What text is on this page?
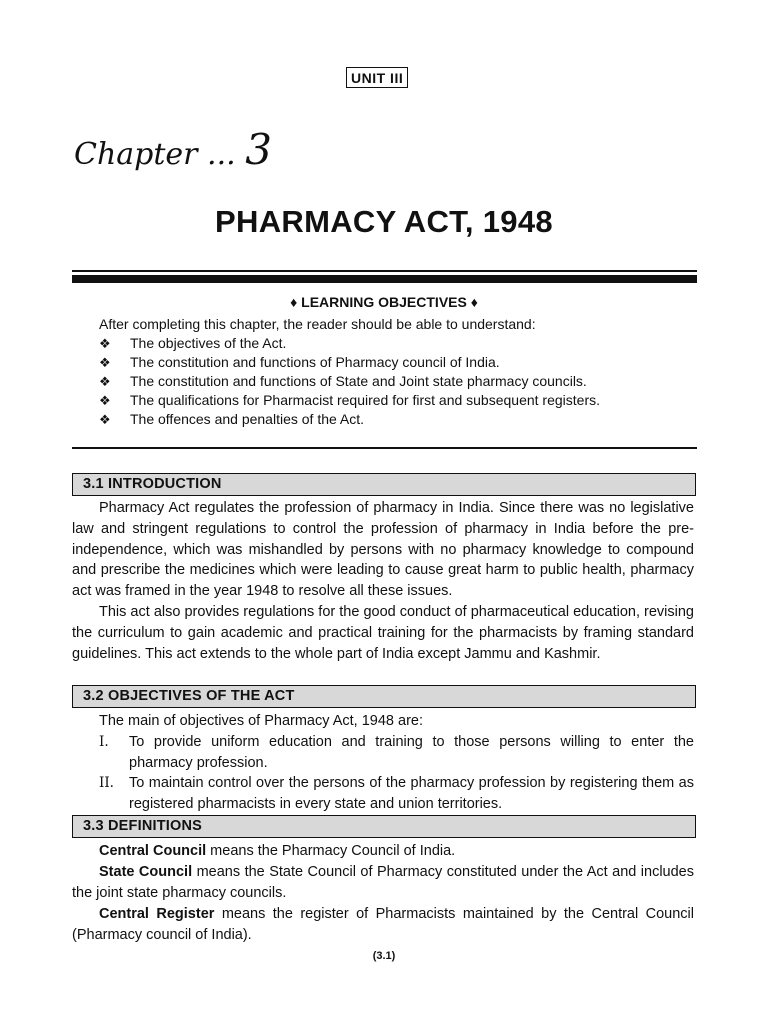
UNIT III
Chapter ... 3
PHARMACY ACT, 1948
♦ LEARNING OBJECTIVES ♦
After completing this chapter, the reader should be able to understand:
❖	The objectives of the Act.
❖	The constitution and functions of Pharmacy council of India.
❖	The constitution and functions of State and Joint state pharmacy councils.
❖	The qualifications for Pharmacist required for first and subsequent registers.
❖	The offences and penalties of the Act.
3.1 INTRODUCTION

Pharmacy Act regulates the profession of pharmacy in India. Since there was no legislative law and stringent regulations to control the profession of pharmacy in India before the pre-independence, which was mishandled by persons with no pharmacy knowledge to compound and prescribe the medicines which were leading to cause great harm to public health, pharmacy act was framed in the year 1948 to resolve all these issues.

This act also provides regulations for the good conduct of pharmaceutical education, revising the curriculum to gain academic and practical training for the pharmacists by framing standard guidelines. This act extends to the whole part of India except Jammu and Kashmir.

3.2 OBJECTIVES OF THE ACT
The main of objectives of Pharmacy Act, 1948 are:
I.	To provide uniform education and training to those persons willing to enter the pharmacy profession.
II.	To maintain control over the persons of the pharmacy profession by registering them as registered pharmacists in every state and union territories.
3.3 DEFINITIONS

Central Council means the Pharmacy Council of India.

State Council means the State Council of Pharmacy constituted under the Act and includes the joint state pharmacy councils.

Central Register means the register of Pharmacists maintained by the Central Council (Pharmacy council of India).

(3.1)
